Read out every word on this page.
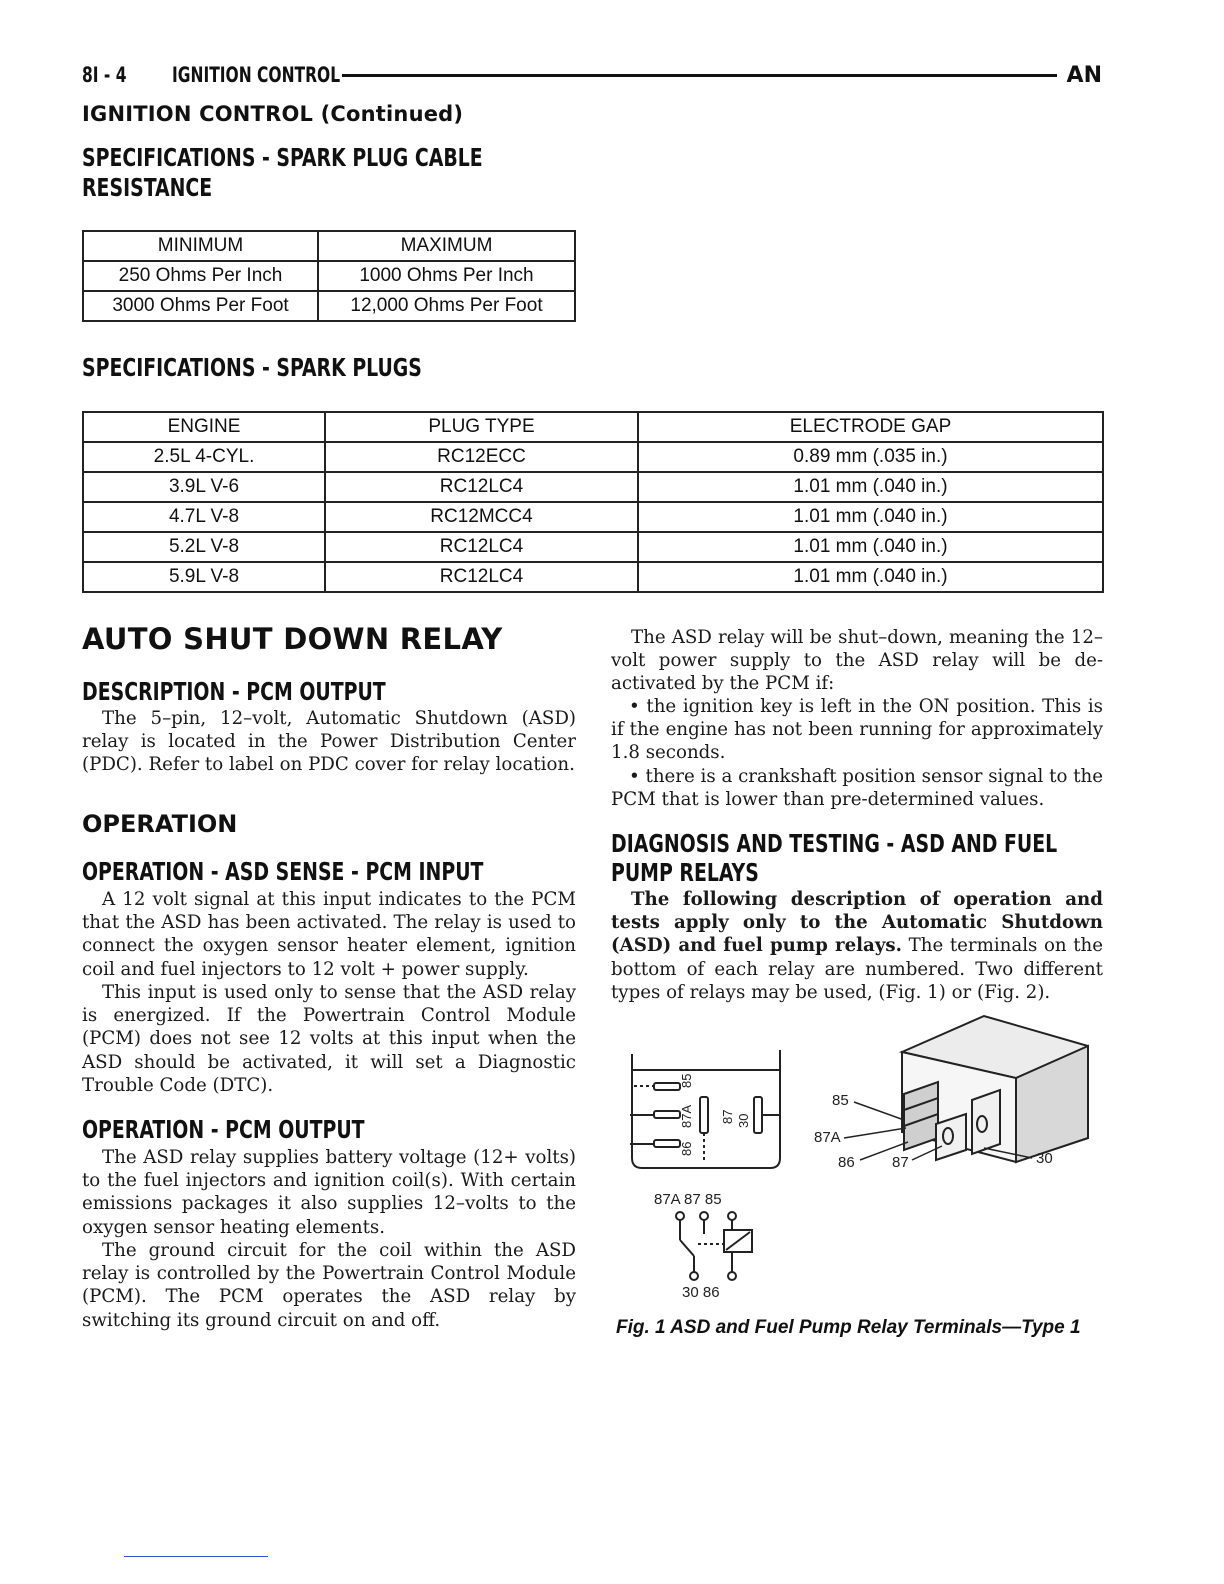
8I - 4	IGNITION CONTROL	AN
IGNITION CONTROL (Continued)
SPECIFICATIONS - SPARK PLUG CABLE
RESISTANCE
MINIMUM	MAXIMUM
250 Ohms Per Inch	1000 Ohms Per Inch
3000 Ohms Per Foot	12,000 Ohms Per Foot
SPECIFICATIONS - SPARK PLUGS
ENGINE	PLUG TYPE	ELECTRODE GAP
2.5L 4-CYL.	RC12ECC	0.89 mm (.035 in.)
3.9L V-6	RC12LC4	1.01 mm (.040 in.)
4.7L V-8	RC12MCC4	1.01 mm (.040 in.)
5.2L V-8	RC12LC4	1.01 mm (.040 in.)
5.9L V-8	RC12LC4	1.01 mm (.040 in.)
AUTO SHUT DOWN RELAY
DESCRIPTION - PCM OUTPUT
The 5–pin, 12–volt, Automatic Shutdown (ASD) relay is located in the Power Distribution Center (PDC). Refer to label on PDC cover for relay location.
OPERATION
OPERATION - ASD SENSE - PCM INPUT
A 12 volt signal at this input indicates to the PCM that the ASD has been activated. The relay is used to connect the oxygen sensor heater element, ignition coil and fuel injectors to 12 volt + power supply.
This input is used only to sense that the ASD relay is energized. If the Powertrain Control Module (PCM) does not see 12 volts at this input when the ASD should be activated, it will set a Diagnostic Trouble Code (DTC).
OPERATION - PCM OUTPUT
The ASD relay supplies battery voltage (12+ volts) to the fuel injectors and ignition coil(s). With certain emissions packages it also supplies 12–volts to the oxygen sensor heating elements.
The ground circuit for the coil within the ASD relay is controlled by the Powertrain Control Module (PCM). The PCM operates the ASD relay by switching its ground circuit on and off.
The ASD relay will be shut–down, meaning the 12–volt power supply to the ASD relay will be de-activated by the PCM if:
• the ignition key is left in the ON position. This is if the engine has not been running for approximately 1.8 seconds.
• there is a crankshaft position sensor signal to the PCM that is lower than pre-determined values.
DIAGNOSIS AND TESTING - ASD AND FUEL
PUMP RELAYS
The following description of operation and tests apply only to the Automatic Shutdown (ASD) and fuel pump relays. The terminals on the bottom of each relay are numbered. Two different types of relays may be used, (Fig. 1) or (Fig. 2).
85
87A
86
87 30
85
87A
86 87	30
87A 87 85
30 86
Fig. 1 ASD and Fuel Pump Relay Terminals—Type 1
